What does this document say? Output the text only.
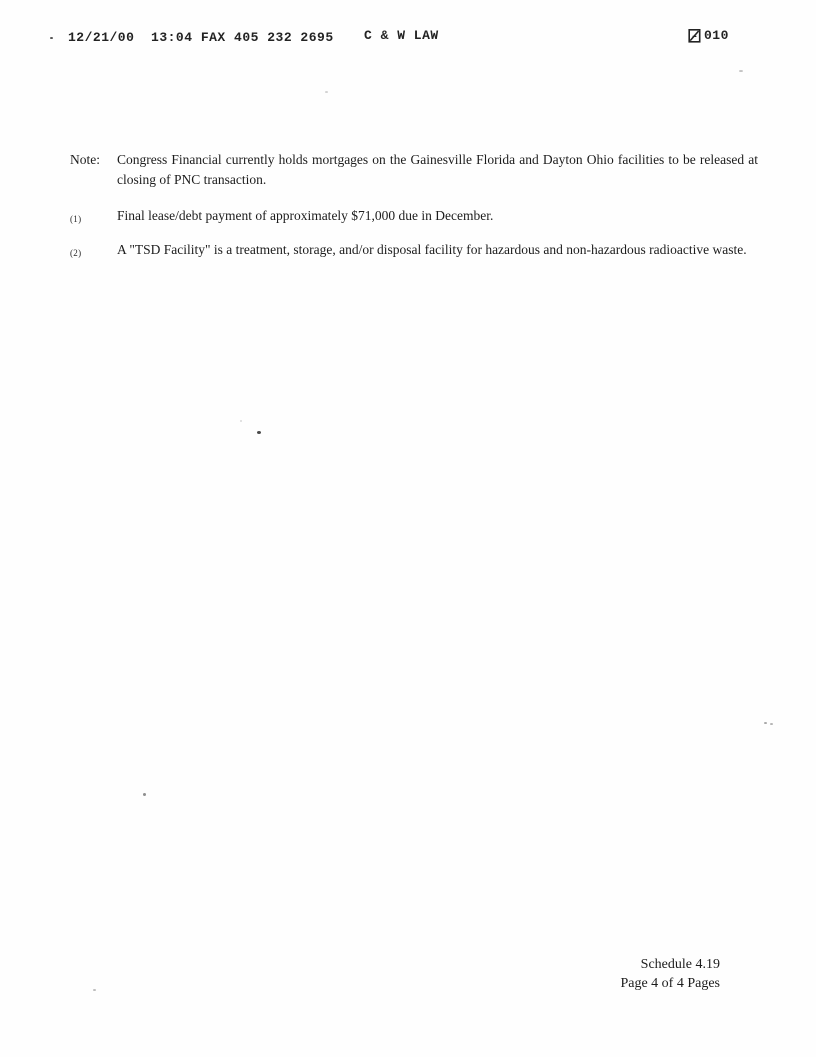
12/21/00  13:04 FAX 405 232 2695 C & W LAW	010
Note:	Congress Financial currently holds mortgages on the Gainesville Florida and Dayton Ohio facilities to be released at closing of PNC transaction.
(1)	Final lease/debt payment of approximately $71,000 due in December.
(2)	A "TSD Facility" is a treatment, storage, and/or disposal facility for hazardous and non-hazardous radioactive waste.
Schedule 4.19
Page 4 of 4 Pages
